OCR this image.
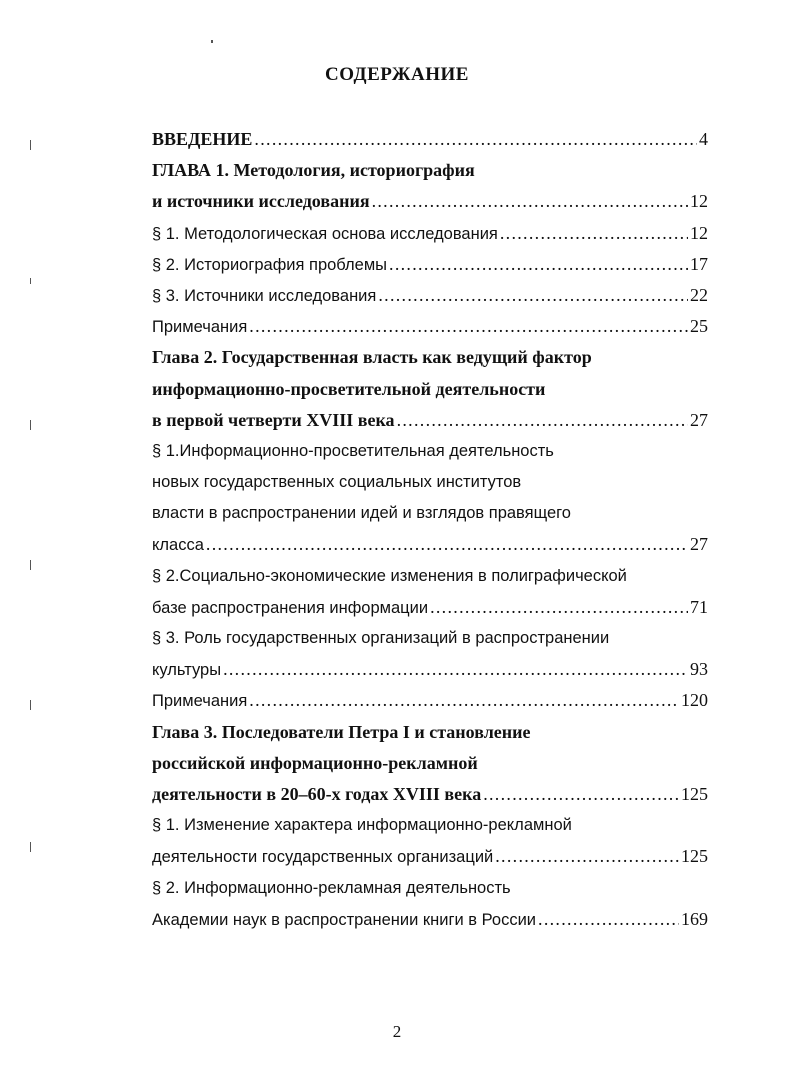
СОДЕРЖАНИЕ
ВВЕДЕНИЕ . . .	4
ГЛАВА 1. Методология, историография
и источники исследования . . .	12
§ 1. Методологическая основа исследования . . .	12
§ 2. Историография проблемы . . .	17
§ 3. Источники исследования . . .	22
Примечания . . .	25
Глава 2. Государственная власть как ведущий фактор
информационно-просветительной деятельности
в первой четверти XVIII века . . .	27
§ 1.Информационно-просветительная деятельность
новых государственных социальных институтов
власти в распространении идей и взглядов правящего
класса . . .	27
§ 2.Социально-экономические изменения в полиграфической
базе распространения информации . . .	71
§ 3. Роль государственных организаций в распространении
культуры . . .	93
Примечания . . .	120
Глава 3. Последователи Петра I и становление
российской информационно-рекламной
деятельности в 20–60-х годах XVIII века . . .	125
§ 1. Изменение характера информационно-рекламной
деятельности государственных организаций . . .	125
§ 2. Информационно-рекламная деятельность
Академии наук в распространении книги в России . . .	169
2
